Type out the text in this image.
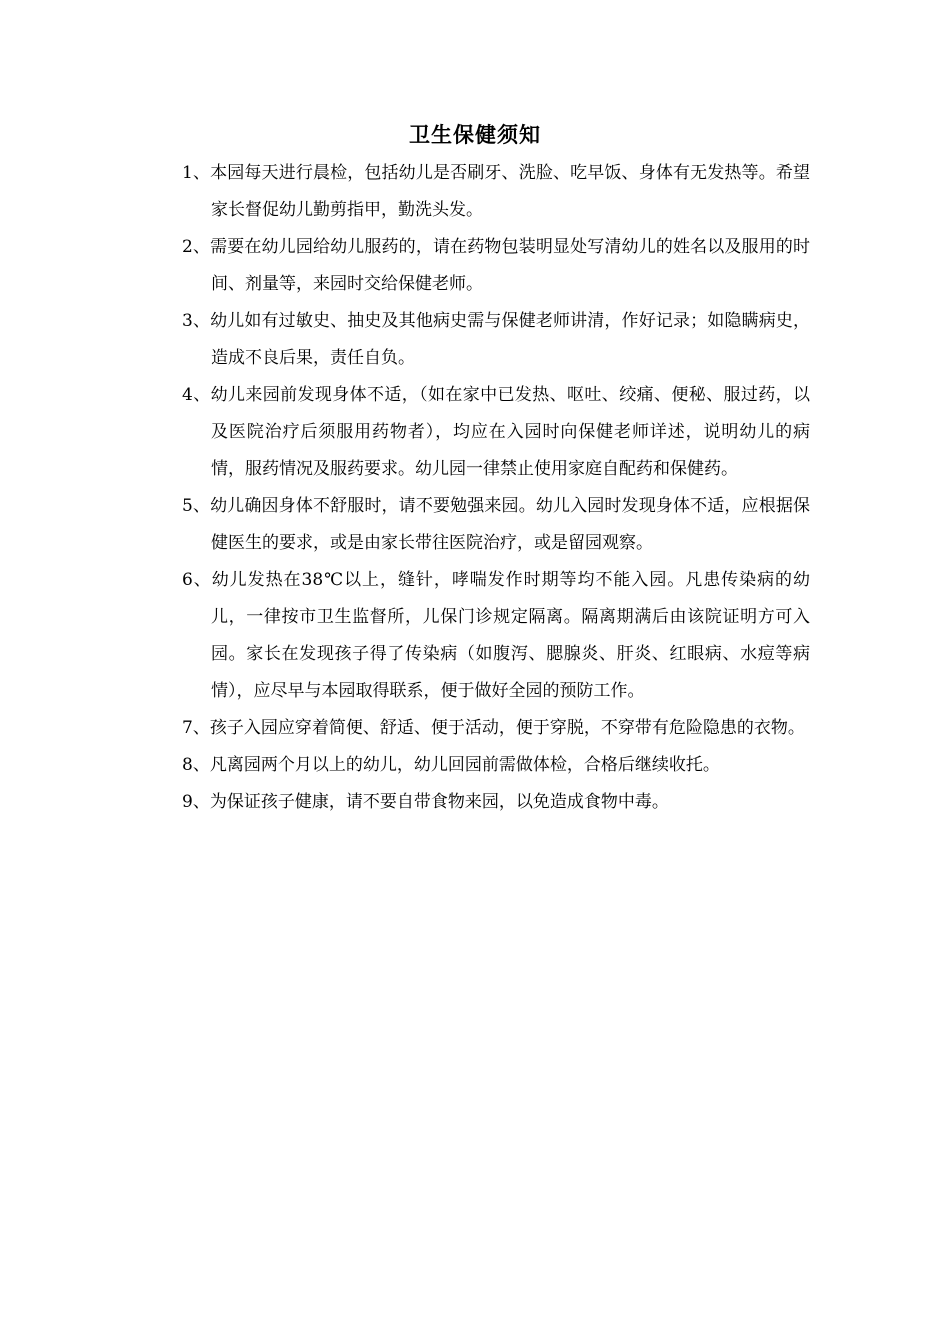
卫生保健须知
1、本园每天进行晨检，包括幼儿是否刷牙、洗脸、吃早饭、身体有无发热等。希望家长督促幼儿勤剪指甲，勤洗头发。
2、需要在幼儿园给幼儿服药的，请在药物包装明显处写清幼儿的姓名以及服用的时间、剂量等，来园时交给保健老师。
3、幼儿如有过敏史、抽史及其他病史需与保健老师讲清，作好记录；如隐瞒病史，造成不良后果，责任自负。
4、幼儿来园前发现身体不适，（如在家中已发热、呕吐、绞痛、便秘、服过药，以及医院治疗后须服用药物者），均应在入园时向保健老师详述，说明幼儿的病情，服药情况及服药要求。幼儿园一律禁止使用家庭自配药和保健药。
5、幼儿确因身体不舒服时，请不要勉强来园。幼儿入园时发现身体不适，应根据保健医生的要求，或是由家长带往医院治疗，或是留园观察。
6、幼儿发热在38℃以上，缝针，哮喘发作时期等均不能入园。凡患传染病的幼儿，一律按市卫生监督所，儿保门诊规定隔离。隔离期满后由该院证明方可入园。家长在发现孩子得了传染病（如腹泻、腮腺炎、肝炎、红眼病、水痘等病情），应尽早与本园取得联系，便于做好全园的预防工作。
7、孩子入园应穿着简便、舒适、便于活动，便于穿脱，不穿带有危险隐患的衣物。
8、凡离园两个月以上的幼儿，幼儿回园前需做体检，合格后继续收托。
9、为保证孩子健康，请不要自带食物来园，以免造成食物中毒。
